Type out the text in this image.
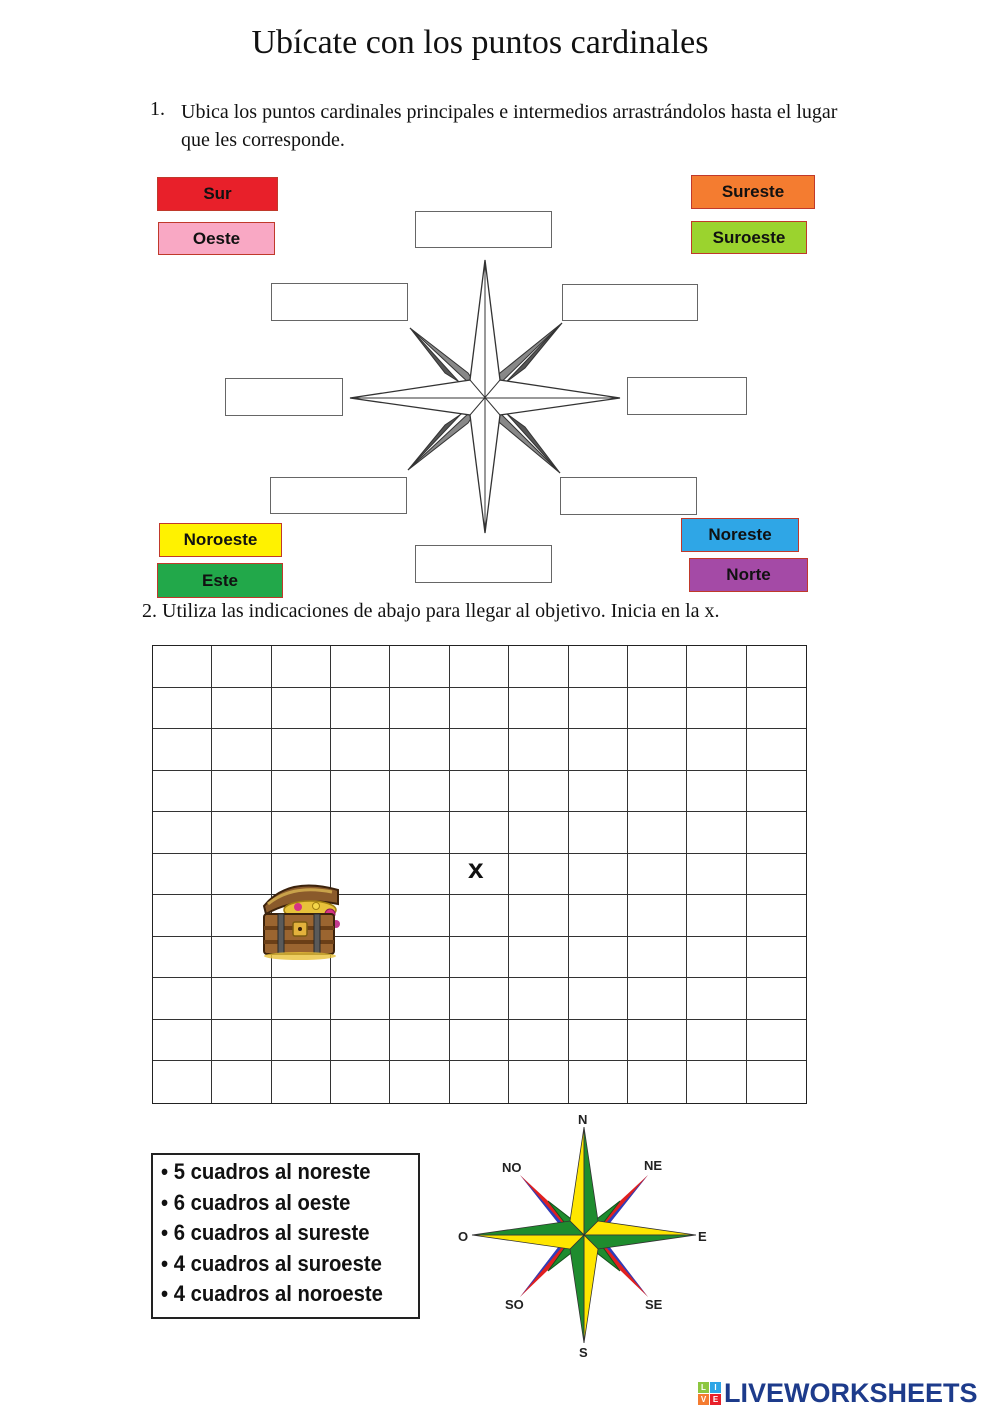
Ubícate con los puntos cardinales
1. Ubica los puntos cardinales principales e intermedios arrastrándolos hasta el lugar que les corresponde.
Sur
Oeste
Sureste
Suroeste
Noroeste
Este
Noreste
Norte
2. Utiliza las indicaciones de abajo para llegar al objetivo. Inicia en la x.
x
• 5 cuadros al noreste
• 6 cuadros al oeste
• 6 cuadros al sureste
• 4 cuadros al suroeste
• 4 cuadros al noroeste
N
NE
E
SE
S
SO
O
NO
L	I
V E LIVEWORKSHEETS
